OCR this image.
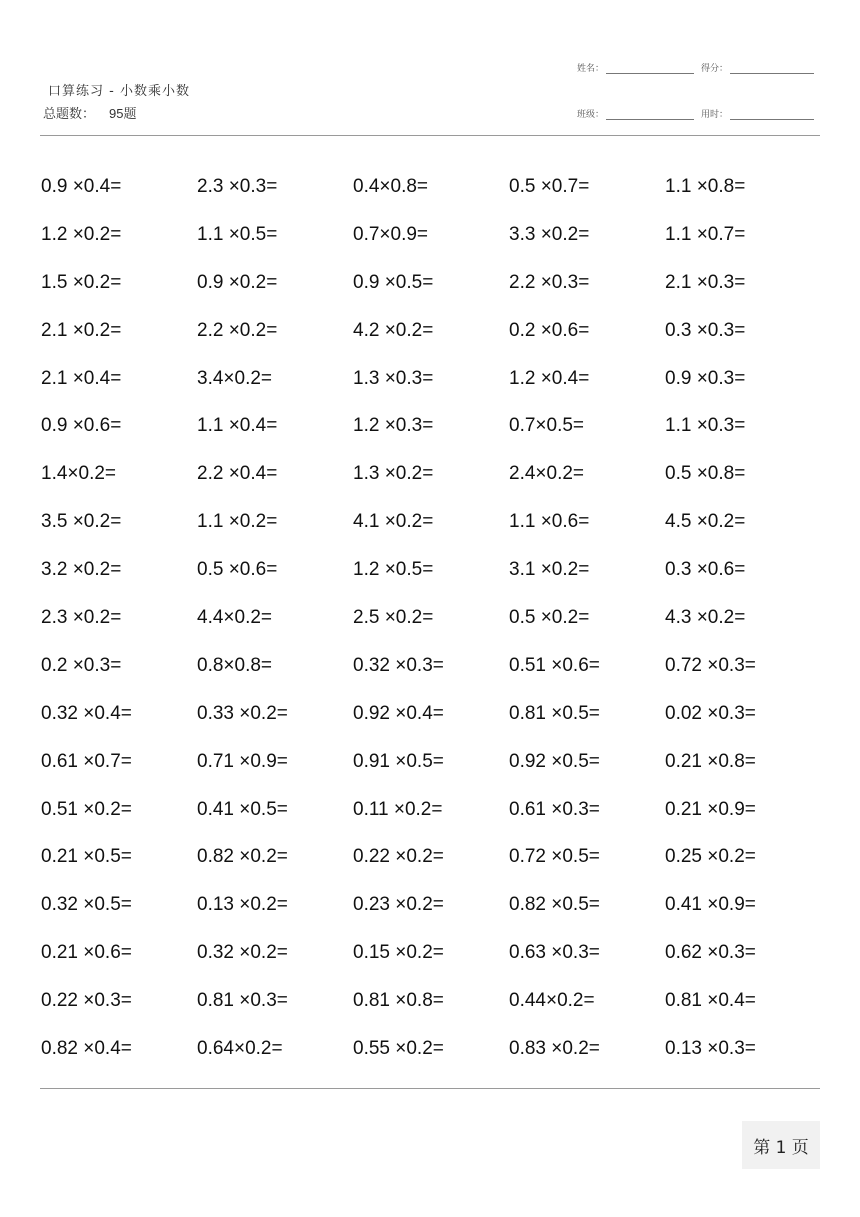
口算练习 - 小数乘小数
总题数： 95题
姓名：	得分：
班级：	用时：
0.9 ×0.4=	2.3 ×0.3=	0.4×0.8=	0.5 ×0.7=	1.1 ×0.8=
1.2 ×0.2=	1.1 ×0.5=	0.7×0.9=	3.3 ×0.2=	1.1 ×0.7=
1.5 ×0.2=	0.9 ×0.2=	0.9 ×0.5=	2.2 ×0.3=	2.1 ×0.3=
2.1 ×0.2=	2.2 ×0.2=	4.2 ×0.2=	0.2 ×0.6=	0.3 ×0.3=
2.1 ×0.4=	3.4×0.2=	1.3 ×0.3=	1.2 ×0.4=	0.9 ×0.3=
0.9 ×0.6=	1.1 ×0.4=	1.2 ×0.3=	0.7×0.5=	1.1 ×0.3=
1.4×0.2=	2.2 ×0.4=	1.3 ×0.2=	2.4×0.2=	0.5 ×0.8=
3.5 ×0.2=	1.1 ×0.2=	4.1 ×0.2=	1.1 ×0.6=	4.5 ×0.2=
3.2 ×0.2=	0.5 ×0.6=	1.2 ×0.5=	3.1 ×0.2=	0.3 ×0.6=
2.3 ×0.2=	4.4×0.2=	2.5 ×0.2=	0.5 ×0.2=	4.3 ×0.2=
0.2 ×0.3=	0.8×0.8=	0.32 ×0.3=	0.51 ×0.6=	0.72 ×0.3=
0.32 ×0.4=	0.33 ×0.2=	0.92 ×0.4=	0.81 ×0.5=	0.02 ×0.3=
0.61 ×0.7=	0.71 ×0.9=	0.91 ×0.5=	0.92 ×0.5=	0.21 ×0.8=
0.51 ×0.2=	0.41 ×0.5=	0.11 ×0.2=	0.61 ×0.3=	0.21 ×0.9=
0.21 ×0.5=	0.82 ×0.2=	0.22 ×0.2=	0.72 ×0.5=	0.25 ×0.2=
0.32 ×0.5=	0.13 ×0.2=	0.23 ×0.2=	0.82 ×0.5=	0.41 ×0.9=
0.21 ×0.6=	0.32 ×0.2=	0.15 ×0.2=	0.63 ×0.3=	0.62 ×0.3=
0.22 ×0.3=	0.81 ×0.3=	0.81 ×0.8=	0.44×0.2=	0.81 ×0.4=
0.82 ×0.4=	0.64×0.2=	0.55 ×0.2=	0.83 ×0.2=	0.13 ×0.3=
第 1 页
